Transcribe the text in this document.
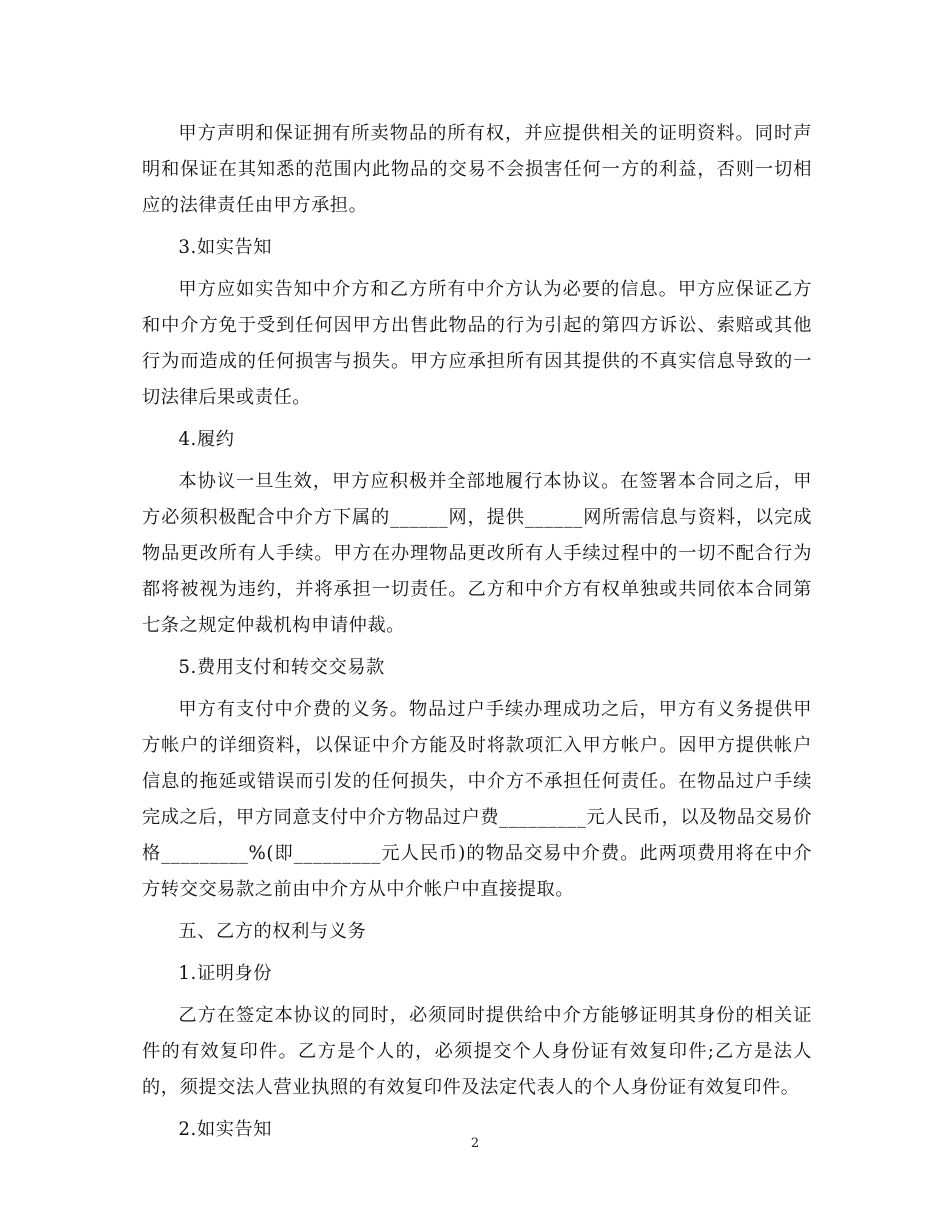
甲方声明和保证拥有所卖物品的所有权，并应提供相关的证明资料。同时声明和保证在其知悉的范围内此物品的交易不会损害任何一方的利益，否则一切相应的法律责任由甲方承担。

3.如实告知

甲方应如实告知中介方和乙方所有中介方认为必要的信息。甲方应保证乙方和中介方免于受到任何因甲方出售此物品的行为引起的第四方诉讼、索赔或其他行为而造成的任何损害与损失。甲方应承担所有因其提供的不真实信息导致的一切法律后果或责任。

4.履约

本协议一旦生效，甲方应积极并全部地履行本协议。在签署本合同之后，甲方必须积极配合中介方下属的______网，提供______网所需信息与资料，以完成物品更改所有人手续。甲方在办理物品更改所有人手续过程中的一切不配合行为都将被视为违约，并将承担一切责任。乙方和中介方有权单独或共同依本合同第七条之规定仲裁机构申请仲裁。

5.费用支付和转交交易款

甲方有支付中介费的义务。物品过户手续办理成功之后，甲方有义务提供甲方帐户的详细资料，以保证中介方能及时将款项汇入甲方帐户。因甲方提供帐户信息的拖延或错误而引发的任何损失，中介方不承担任何责任。在物品过户手续完成之后，甲方同意支付中介方物品过户费_________元人民币，以及物品交易价格_________%(即_________元人民币)的物品交易中介费。此两项费用将在中介方转交交易款之前由中介方从中介帐户中直接提取。

五、乙方的权利与义务

1.证明身份

乙方在签定本协议的同时，必须同时提供给中介方能够证明其身份的相关证件的有效复印件。乙方是个人的，必须提交个人身份证有效复印件;乙方是法人的，须提交法人营业执照的有效复印件及法定代表人的个人身份证有效复印件。

2.如实告知

2
